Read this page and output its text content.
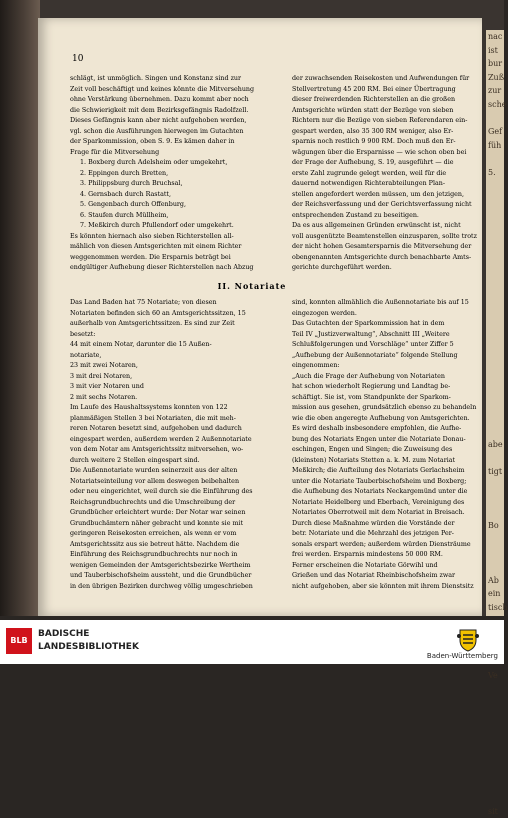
nac
ist
bur
Zuß
zur
sche

Gef
füh

5.

abe

tigt

Bo

Ab
ein
tisch

Ve

sit
10
schlägt, ist unmöglich. Singen und Konstanz sind zur
Zeit voll beschäftigt und keines könnte die Mitversehung
ohne Verstärkung übernehmen. Dazu kommt aber noch
die Schwierigkeit mit dem Bezirksgefängnis Radolfzell.
Dieses Gefängnis kann aber nicht aufgehoben werden,
vgl. schon die Ausführungen hierwegen im Gutachten
der Sparkommission, oben S. 9. Es kämen daher in
Frage für die Mitversehung
1. Boxberg durch Adelsheim oder umgekehrt,
2. Eppingen durch Bretten,
3. Philippsburg durch Bruchsal,
4. Gernsbach durch Rastatt,
5. Gengenbach durch Offenburg,
6. Staufen durch Müllheim,
7. Meßkirch durch Pfullendorf oder umgekehrt.
Es könnten hiernach also sieben Richterstellen all-
mählich von diesen Amtsgerichten mit einem Richter
weggenommen werden. Die Ersparnis beträgt bei
endgültiger Aufhebung dieser Richterstellen nach Abzug
der zuwachsenden Reisekosten und Aufwendungen für
Stellvertretung 45 200 RM. Bei einer Übertragung
dieser freiwerdenden Richterstellen an die großen
Amtsgerichte würden statt der Bezüge von sieben
Richtern nur die Bezüge von sieben Referendaren ein-
gespart werden, also 35 300 RM weniger, also Er-
sparnis noch restlich 9 900 RM. Doch muß den Er-
wägungen über die Ersparnisse — wie schon oben bei
der Frage der Aufhebung, S. 19, ausgeführt — die
erste Zahl zugrunde gelegt werden, weil für die
dauernd notwendigen Richterabteilungen Plan-
stellen angefordert werden müssen, um den jetzigen,
der Reichsverfassung und der Gerichtsverfassung nicht
entsprechenden Zustand zu beseitigen.
Da es aus allgemeinen Gründen erwünscht ist, nicht
voll ausgenützte Beamtenstellen einzusparen, sollte trotz
der nicht hohen Gesamtersparnis die Mitversehung der
obengenannten Amtsgerichte durch benachbarte Amts-
gerichte durchgeführt werden.
II. Notariate
Das Land Baden hat 75 Notariate; von diesen
Notariaten befinden sich 60 an Amtsgerichtssitzen, 15
außerhalb von Amtsgerichtssitzen. Es sind zur Zeit
besetzt:
44 mit einem Notar, darunter die 15 Außen-
notariate,
23 mit zwei Notaren,
3 mit drei Notaren,
3 mit vier Notaren und
2 mit sechs Notaren.
Im Laufe des Haushaltssystems konnten von 122
planmäßigen Stellen 3 bei Notariaten, die mit meh-
reren Notaren besetzt sind, aufgehoben und dadurch
eingespart werden, außerdem werden 2 Außennotariate
von dem Notar am Amtsgerichtssitz mitversehen, wo-
durch weitere 2 Stellen eingespart sind.
Die Außennotariate wurden seinerzeit aus der alten
Notariatseinteilung vor allem deswegen beibehalten
oder neu eingerichtet, weil durch sie die Einführung des
Reichsgrundbuchrechts und die Umschreibung der
Grundbücher erleichtert wurde: Der Notar war seinen
Grundbuchämtern näher gebracht und konnte sie mit
geringeren Reisekosten erreichen, als wenn er vom
Amtsgerichtssitz aus sie betreut hätte. Nachdem die
Einführung des Reichsgrundbuchrechts nur noch in
wenigen Gemeinden der Amtsgerichtsbezirke Wertheim
und Tauberbischofsheim aussteht, und die Grundbücher
in den übrigen Bezirken durchweg völlig umgeschrieben
sind, konnten allmählich die Außennotariate bis auf 15
eingezogen werden.
Das Gutachten der Sparkommission hat in dem
Teil IV „Justizverwaltung“, Abschnitt III „Weitere
Schlußfolgerungen und Vorschläge“ unter Ziffer 5
„Aufhebung der Außennotariate“ folgende Stellung
eingenommen:
„Auch die Frage der Aufhebung von Notariaten
hat schon wiederholt Regierung und Landtag be-
schäftigt. Sie ist, vom Standpunkte der Sparkom-
mission aus gesehen, grundsätzlich ebenso zu behandeln
wie die oben angeregte Aufhebung von Amtsgerichten.
Es wird deshalb insbesondere empfohlen, die Aufhe-
bung des Notariats Engen unter die Notariate Donau-
eschingen, Engen und Singen; die Zuweisung des
(kleinsten) Notariats Stetten a. k. M. zum Notariat
Meßkirch; die Aufteilung des Notariats Gerlachsheim
unter die Notariate Tauberbischofsheim und Boxberg;
die Aufhebung des Notariats Neckargemünd unter die
Notariate Heidelberg und Eberbach, Vereinigung des
Notariates Oberrotweil mit dem Notariat in Breisach.
Durch diese Maßnahme würden die Vorstände der
betr. Notariate und die Mehrzahl des jetzigen Per-
sonals erspart werden; außerdem würden Diensträume
frei werden. Ersparnis mindestens 50 000 RM.
Ferner erscheinen die Notariate Görwihl und
Grießen und das Notariat Rheinbischofsheim zwar
nicht aufgehoben, aber sie könnten mit ihrem Dienstsitz
BLB
BADISCHE
LANDESBIBLIOTHEK
Baden-Württemberg
